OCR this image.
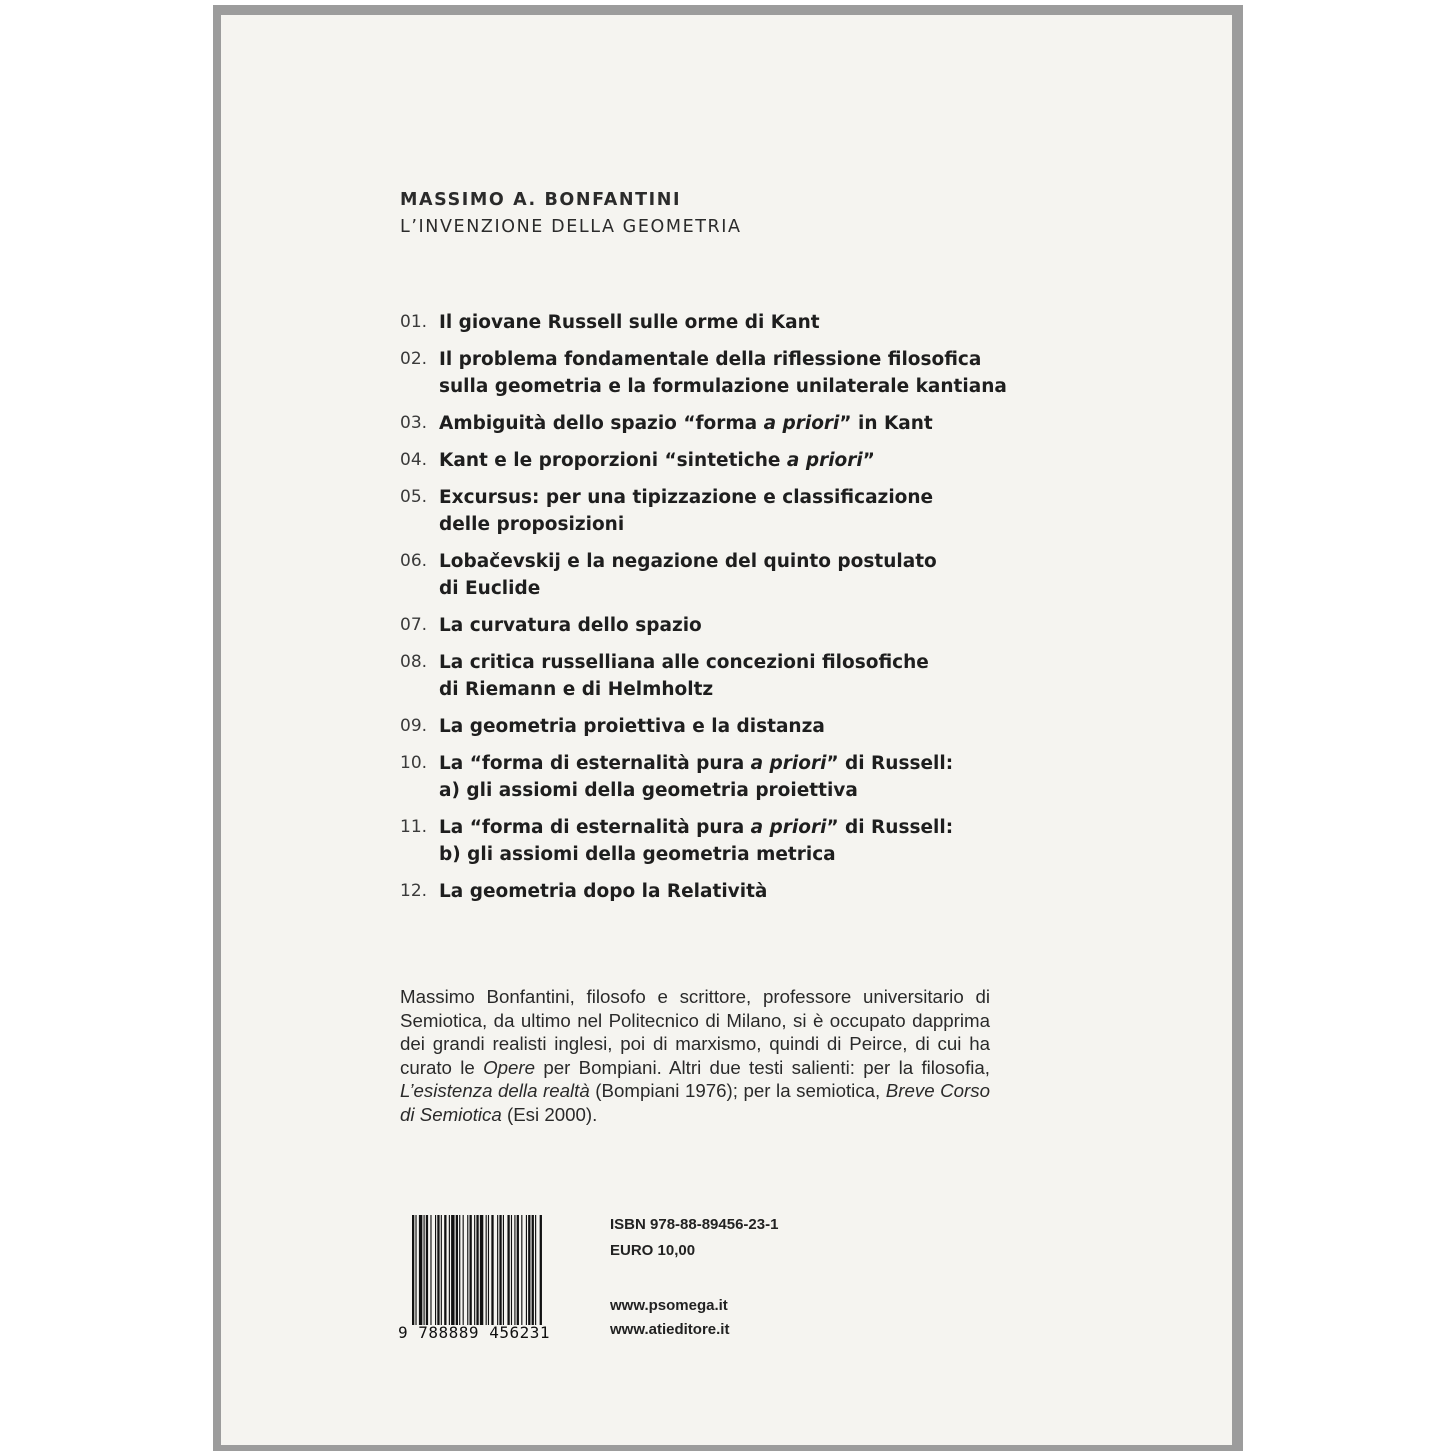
MASSIMO A. BONFANTINI
L’INVENZIONE DELLA GEOMETRIA
01. Il giovane Russell sulle orme di Kant
02. Il problema fondamentale della riflessione filosofica
sulla geometria e la formulazione unilaterale kantiana
03. Ambiguità dello spazio “forma a priori” in Kant
04. Kant e le proporzioni “sintetiche a priori”
05. Excursus: per una tipizzazione e classificazione
delle proposizioni
06. Lobačevskij e la negazione del quinto postulato
di Euclide
07. La curvatura dello spazio
08. La critica russelliana alle concezioni filosofiche
di Riemann e di Helmholtz
09. La geometria proiettiva e la distanza
10. La “forma di esternalità pura a priori” di Russell:
a) gli assiomi della geometria proiettiva
11. La “forma di esternalità pura a priori” di Russell:
b) gli assiomi della geometria metrica
12. La geometria dopo la Relatività
Massimo Bonfantini, filosofo e scrittore, professore universitario di Semiotica, da ultimo nel Politecnico di Milano, si è occupato dapprima dei grandi realisti inglesi, poi di marxismo, quindi di Peirce, di cui ha curato le Opere per Bompiani. Altri due testi salienti: per la filosofia, L’esistenza della realtà (Bompiani 1976); per la semiotica, Breve Corso di Semiotica (Esi 2000).
9 788889 456231
ISBN 978-88-89456-23-1
EURO 10,00
www.psomega.it
www.atieditore.it
